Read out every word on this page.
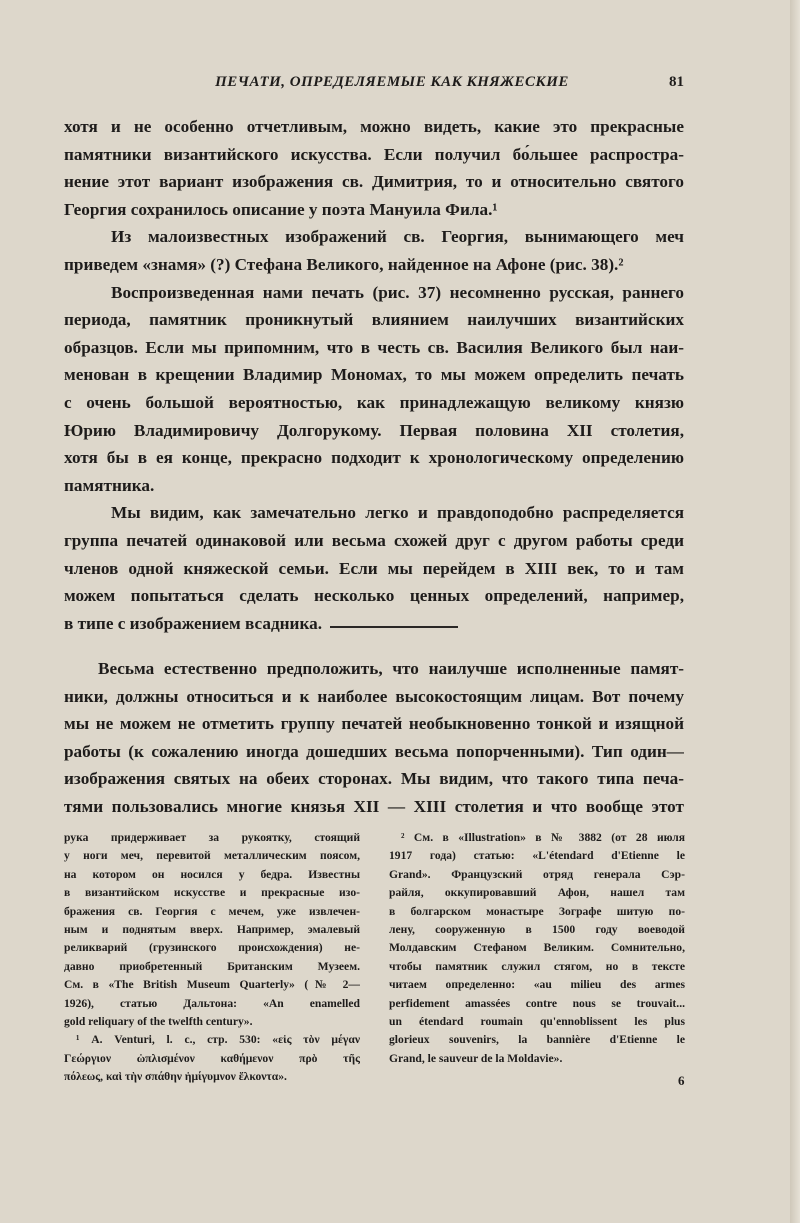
ПЕЧАТИ, ОПРЕДЕЛЯЕМЫЕ КАК КНЯЖЕСКИЕ	81
хотя и не особенно отчетливым, можно видеть, какие это прекрасные
памятники византийского искусства. Если получил бо́льшее распростра-
нение этот вариант изображения св. Димитрия, то и относительно святого
Георгия сохранилось описание у поэта Мануила Фила.¹
Из малоизвестных изображений св. Георгия, вынимающего меч
приведем «знамя» (?) Стефана Великого, найденное на Афоне (рис. 38).²
Воспроизведенная нами печать (рис. 37) несомненно русская, раннего
периода, памятник проникнутый влиянием наилучших византийских
образцов. Если мы припомним, что в честь св. Василия Великого был наи-
менован в крещении Владимир Мономах, то мы можем определить печать
с очень большой вероятностью, как принадлежащую великому князю
Юрию Владимировичу Долгорукому. Первая половина XII столетия,
хотя бы в ея конце, прекрасно подходит к хронологическому определению
памятника.
Мы видим, как замечательно легко и правдоподобно распределяется
группа печатей одинаковой или весьма схожей друг с другом работы среди
членов одной княжеской семьи. Если мы перейдем в XIII век, то и там
можем попытаться сделать несколько ценных определений, например,
в типе с изображением всадника.
Весьма естественно предположить, что наилучше исполненные памят-
ники, должны относиться и к наиболее высокостоящим лицам. Вот почему
мы не можем не отметить группу печатей необыкновенно тонкой и изящной
работы (к сожалению иногда дошедших весьма попорченными). Тип один—
изображения святых на обеих сторонах. Мы видим, что такого типа печа-
тями пользовались многие князья XII — XIII столетия и что вообще этот
рука придерживает за рукоятку, стоящий
у ноги меч, перевитой металлическим поясом,
на котором он носился у бедра. Известны
в византийском искусстве и прекрасные изо-
бражения св. Георгия с мечем, уже извлечен-
ным и поднятым вверх. Например, эмалевый
реликварий (грузинского происхождения) не-
давно приобретенный Британским Музеем.
См. в «The British Museum Quarterly» (№ 2—
1926), статью Дальтона: «An enamelled
gold reliquary of the twelfth century».
¹ А. Venturi, l. c., стр. 530: «εἰς τὸν μέγαν
Γεώργιον ὡπλισμένον καθήμενον πρὸ τῆς
πόλεως, καὶ τὴν σπάθην ἡμίγυμνον ἕλκοντα».
² См. в «Illustration» в № 3882 (от 28 июля
1917 года) статью: «L'étendard d'Etienne le
Grand». Французский отряд генерала Сэр-
райля, оккупировавший Афон, нашел там
в болгарском монастыре Зографе шитую по-
лену, сооруженную в 1500 году воеводой
Молдавским Стефаном Великим. Сомнительно,
чтобы памятник служил стягом, но в тексте
читаем определенно: «au milieu des armes
perfidement amassées contre nous se trouvait...
un étendard roumain qu'ennoblissent les plus
glorieux souvenirs, la bannière d'Etienne le
Grand, le sauveur de la Moldavie».
6
